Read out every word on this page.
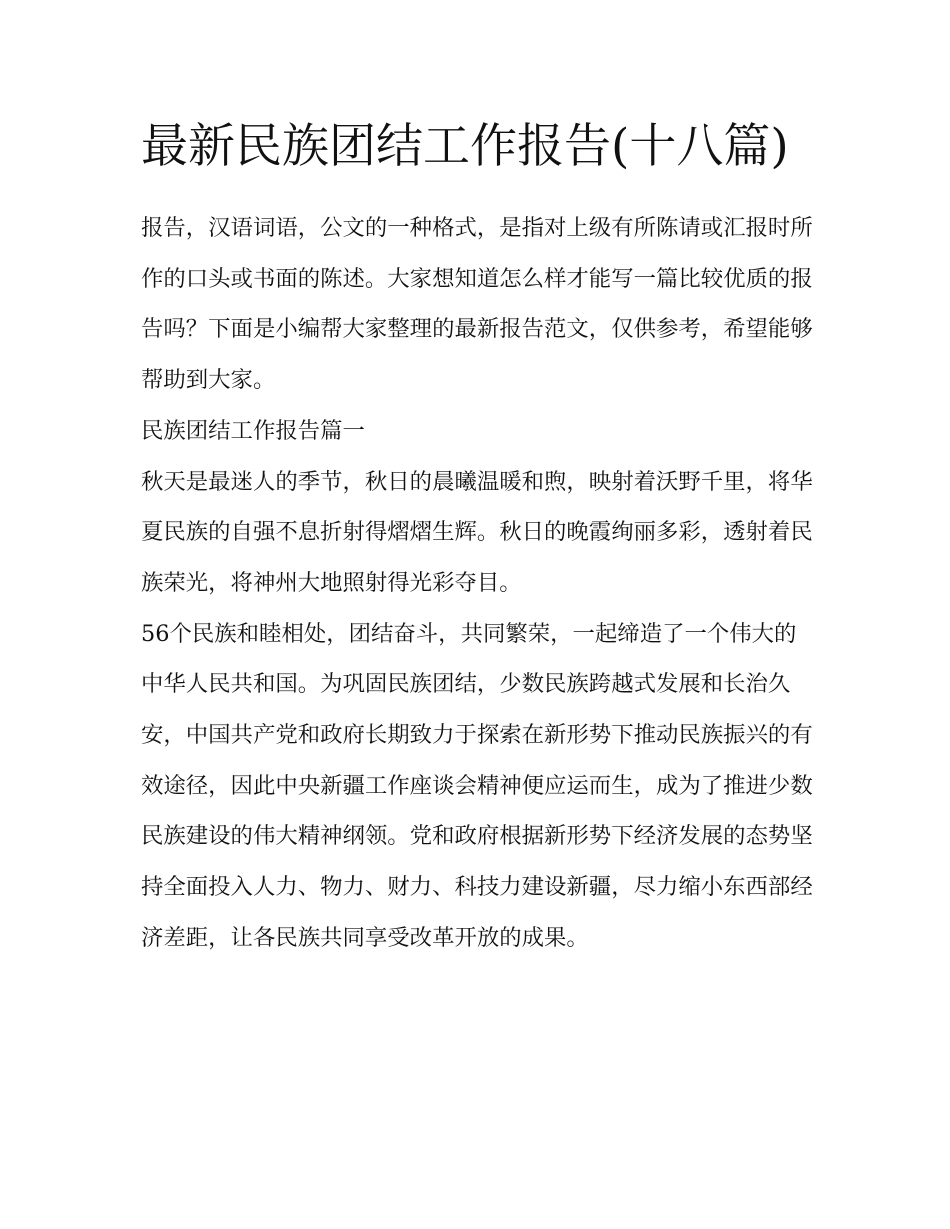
最新民族团结工作报告(十八篇)

报告，汉语词语，公文的一种格式，是指对上级有所陈请或汇报时所作的口头或书面的陈述。大家想知道怎么样才能写一篇比较优质的报告吗？下面是小编帮大家整理的最新报告范文，仅供参考，希望能够帮助到大家。

民族团结工作报告篇一

秋天是最迷人的季节，秋日的晨曦温暖和煦，映射着沃野千里，将华夏民族的自强不息折射得熠熠生辉。秋日的晚霞绚丽多彩，透射着民族荣光，将神州大地照射得光彩夺目。

56个民族和睦相处，团结奋斗，共同繁荣，一起缔造了一个伟大的中华人民共和国。为巩固民族团结，少数民族跨越式发展和长治久安，中国共产党和政府长期致力于探索在新形势下推动民族振兴的有效途径，因此中央新疆工作座谈会精神便应运而生，成为了推进少数民族建设的伟大精神纲领。党和政府根据新形势下经济发展的态势坚持全面投入人力、物力、财力、科技力建设新疆，尽力缩小东西部经济差距，让各民族共同享受改革开放的成果。
